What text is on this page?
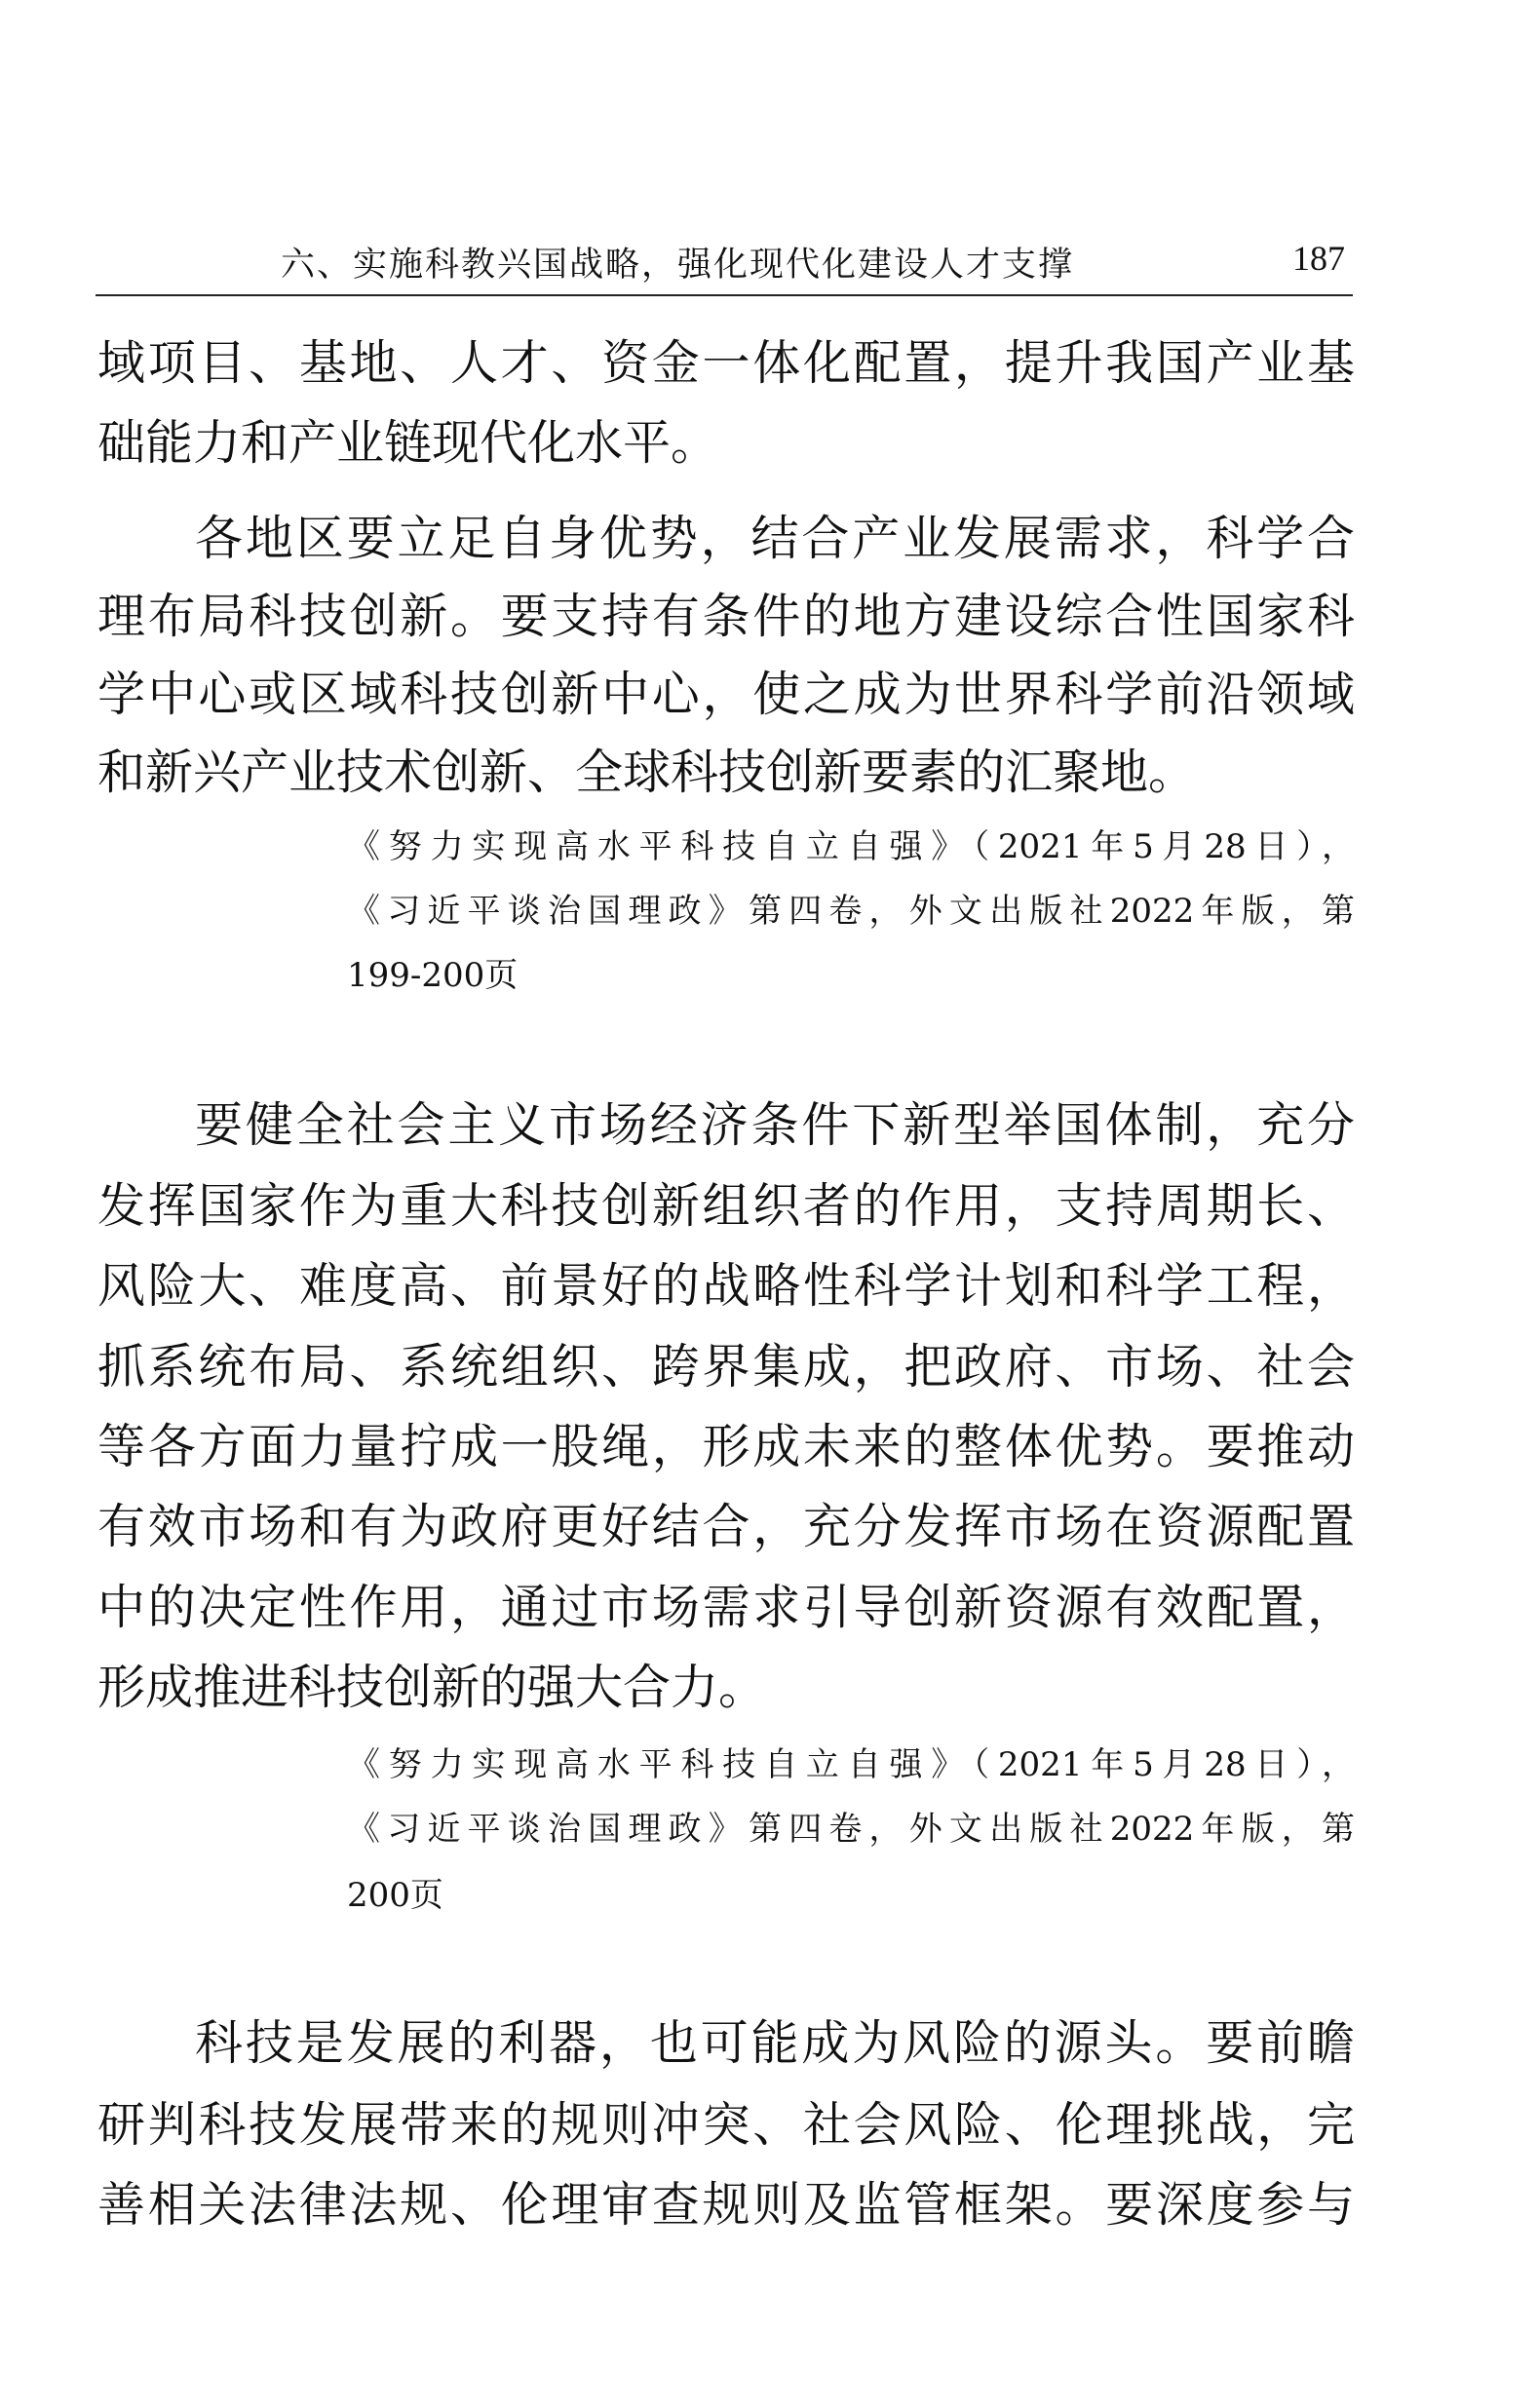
六、实施科教兴国战略，强化现代化建设人才支撑	187
域项目、基地、人才、资金一体化配置，提升我国产业基
础能力和产业链现代化水平。
各地区要立足自身优势，结合产业发展需求，科学合
理布局科技创新。要支持有条件的地方建设综合性国家科
学中心或区域科技创新中心，使之成为世界科学前沿领域
和新兴产业技术创新、全球科技创新要素的汇聚地。
《努力实现高水平科技自立自强》（2021年5月28日），
《习近平谈治国理政》第四卷，外文出版社2022年版，第
199-200页
要健全社会主义市场经济条件下新型举国体制，充分
发挥国家作为重大科技创新组织者的作用，支持周期长、
风险大、难度高、前景好的战略性科学计划和科学工程，
抓系统布局、系统组织、跨界集成，把政府、市场、社会
等各方面力量拧成一股绳，形成未来的整体优势。要推动
有效市场和有为政府更好结合，充分发挥市场在资源配置
中的决定性作用，通过市场需求引导创新资源有效配置，
形成推进科技创新的强大合力。
《努力实现高水平科技自立自强》（2021年5月28日），
《习近平谈治国理政》第四卷，外文出版社2022年版，第
200页
科技是发展的利器，也可能成为风险的源头。要前瞻
研判科技发展带来的规则冲突、社会风险、伦理挑战，完
善相关法律法规、伦理审查规则及监管框架。要深度参与
